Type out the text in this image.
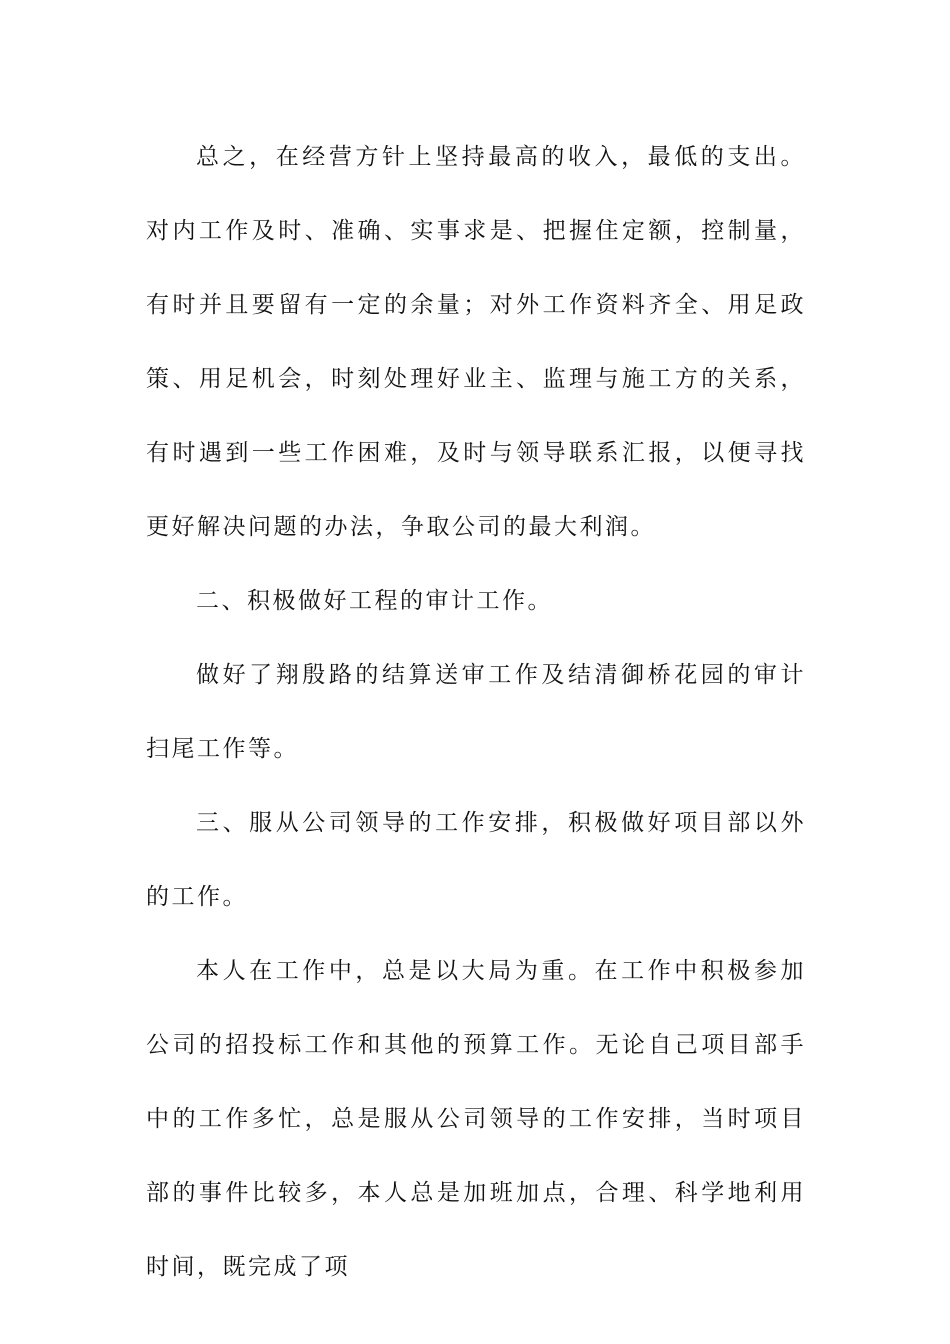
总之，在经营方针上坚持最高的收入，最低的支出。对内工作及时、准确、实事求是、把握住定额，控制量，有时并且要留有一定的余量；对外工作资料齐全、用足政策、用足机会，时刻处理好业主、监理与施工方的关系，有时遇到一些工作困难，及时与领导联系汇报，以便寻找更好解决问题的办法，争取公司的最大利润。

二、积极做好工程的审计工作。

做好了翔殷路的结算送审工作及结清御桥花园的审计扫尾工作等。

三、服从公司领导的工作安排，积极做好项目部以外的工作。

本人在工作中，总是以大局为重。在工作中积极参加公司的招投标工作和其他的预算工作。无论自己项目部手中的工作多忙，总是服从公司领导的工作安排，当时项目部的事件比较多，本人总是加班加点，合理、科学地利用时间，既完成了项
